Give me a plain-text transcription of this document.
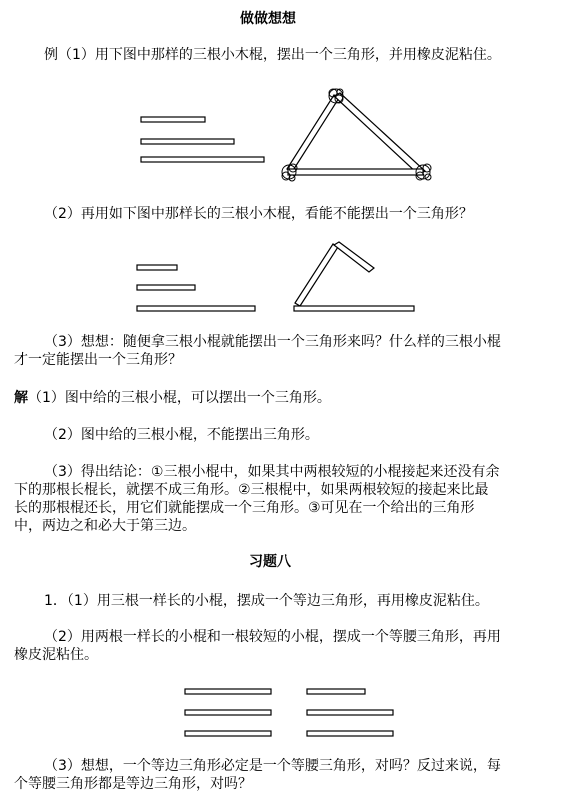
做做想想
例（1）用下图中那样的三根小木棍，摆出一个三角形，并用橡皮泥粘住。
（2）再用如下图中那样长的三根小木棍，看能不能摆出一个三角形？
（3）想想：随便拿三根小棍就能摆出一个三角形来吗？什么样的三根小棍
才一定能摆出一个三角形？
解（1）图中给的三根小棍，可以摆出一个三角形。
（2）图中给的三根小棍，不能摆出三角形。
（3）得出结论：①三根小棍中，如果其中两根较短的小棍接起来还没有余
下的那根长棍长，就摆不成三角形。②三根棍中，如果两根较短的接起来比最
长的那根棍还长，用它们就能摆成一个三角形。③可见在一个给出的三角形
中，两边之和必大于第三边。
习题八
1．（1）用三根一样长的小棍，摆成一个等边三角形，再用橡皮泥粘住。
（2）用两根一样长的小棍和一根较短的小棍，摆成一个等腰三角形，再用
橡皮泥粘住。
（3）想想，一个等边三角形必定是一个等腰三角形，对吗？反过来说，每
个等腰三角形都是等边三角形，对吗？
